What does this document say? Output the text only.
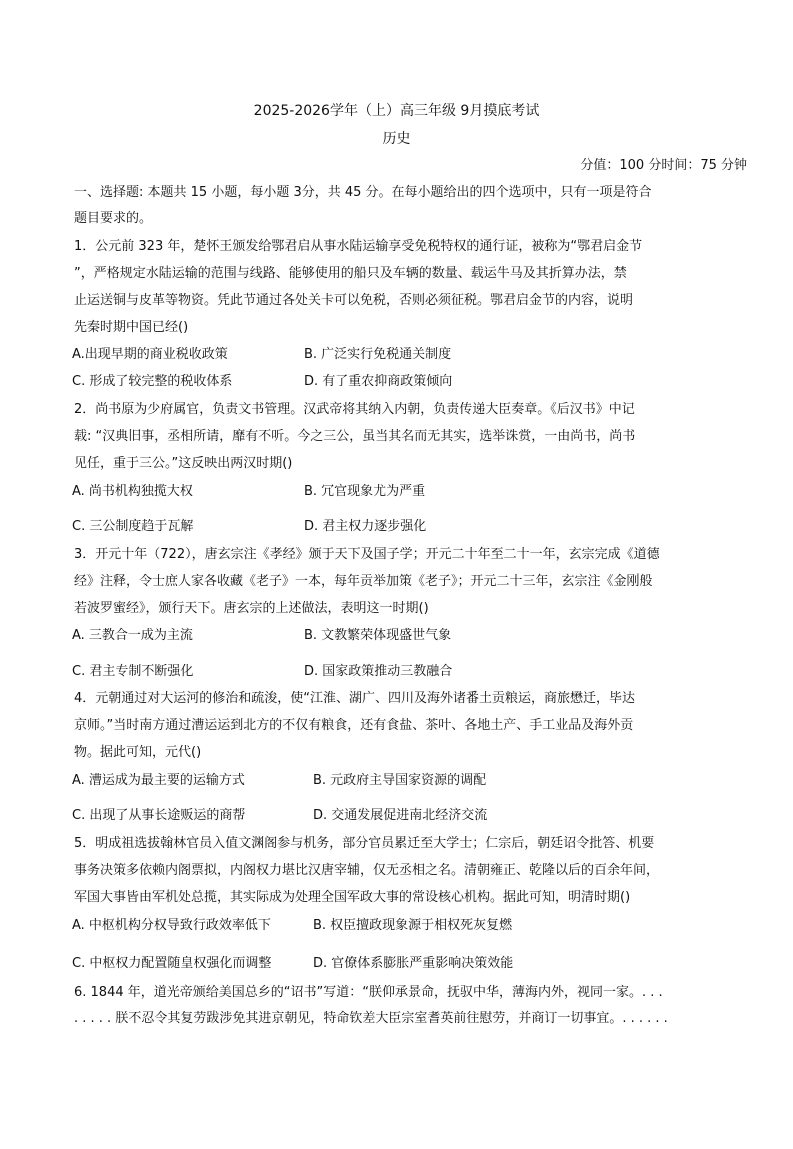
2025-2026学年（上）高三年级 9月摸底考试
历史
分值：100 分时间：75 分钟
一、选择题: 本题共 15 小题，每小题 3分，共 45 分。在每小题给出的四个选项中，只有一项是符合
题目要求的。
1．公元前 323 年，楚怀王颁发给鄂君启从事水陆运输享受免税特权的通行证，被称为“鄂君启金节
”，严格规定水陆运输的范围与线路、能够使用的船只及车辆的数量、载运牛马及其折算办法，禁
止运送铜与皮革等物资。凭此节通过各处关卡可以免税，否则必须征税。鄂君启金节的内容，说明
先秦时期中国已经()
A.出现早期的商业税收政策	B. 广泛实行免税通关制度
C. 形成了较完整的税收体系	D. 有了重农抑商政策倾向
2．尚书原为少府属官，负责文书管理。汉武帝将其纳入内朝，负责传递大臣奏章。《后汉书》中记
载: “汉典旧事，丞相所请，靡有不听。今之三公，虽当其名而无其实，选举诛赏，一由尚书，尚书
见任，重于三公。”这反映出两汉时期()
A. 尚书机构独揽大权	B. 冗官现象尤为严重
C. 三公制度趋于瓦解	D. 君主权力逐步强化
3．开元十年（722），唐玄宗注《孝经》颁于天下及国子学；开元二十年至二十一年，玄宗完成《道德
经》注释，令士庶人家各收藏《老子》一本，每年贡举加策《老子》；开元二十三年，玄宗注《金刚般
若波罗蜜经》，颁行天下。唐玄宗的上述做法，表明这一时期()
A. 三教合一成为主流	B. 文教繁荣体现盛世气象
C. 君主专制不断强化	D. 国家政策推动三教融合
4．元朝通过对大运河的修治和疏浚，使“江淮、湖广、四川及海外诸番土贡粮运，商旅懋迁，毕达
京师。”当时南方通过漕运运到北方的不仅有粮食，还有食盐、茶叶、各地土产、手工业品及海外贡
物。据此可知，元代()
A. 漕运成为最主要的运输方式	B. 元政府主导国家资源的调配
C. 出现了从事长途贩运的商帮	D. 交通发展促进南北经济交流
5．明成祖选拔翰林官员入值文渊阁参与机务，部分官员累迁至大学士；仁宗后，朝廷诏令批答、机要
事务决策多依赖内阁票拟，内阁权力堪比汉唐宰辅，仅无丞相之名。清朝雍正、乾隆以后的百余年间，
军国大事皆由军机处总揽，其实际成为处理全国军政大事的常设核心机构。据此可知，明清时期()
A. 中枢机构分权导致行政效率低下	B. 权臣擅政现象源于相权死灰复燃
C. 中枢权力配置随皇权强化而调整	D. 官僚体系膨胀严重影响决策效能
6. 1844 年，道光帝颁给美国总乡的“诏书”写道：“朕仰承景命，抚驭中华，薄海内外，视同一家。. . .
. . . . . 朕不忍令其复劳跋涉免其进京朝见，特命钦差大臣宗室耆英前往慰劳，并商订一切事宜。. . . . . .
